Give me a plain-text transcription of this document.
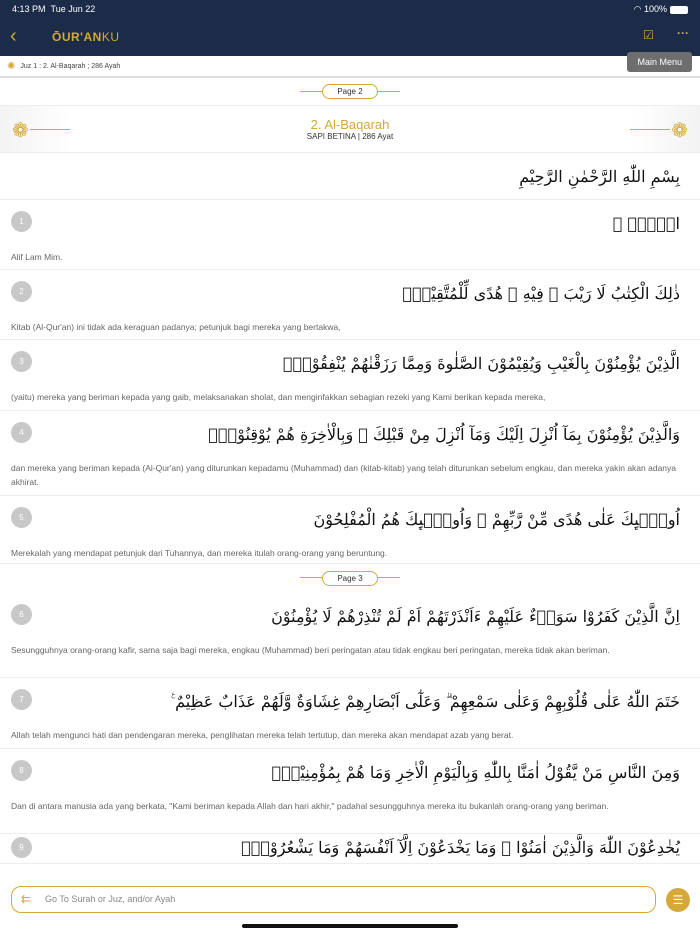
4:13 PM Tue Jun 22	◠ 100%
‹	ŌUR'ANKU	☑︎ ···
✺ Juz 1 : 2. Al-Baqarah ; 286 Ayah	Main Menu
Page 2
❁	❁
2. Al-Baqarah
SAPI BETINA | 286 Ayat
بِسْمِ اللّٰهِ الرَّحْمٰنِ الرَّحِيْمِ
1	الۤمّۤ ۚ
Alif Lam Mim.
2	ذٰلِكَ الْكِتٰبُ لَا رَيْبَ ۛ فِيْهِ ۛ هُدًى لِّلْمُتَّقِيْنَۙ
Kitab (Al-Qur'an) ini tidak ada keraguan padanya; petunjuk bagi mereka yang bertakwa,
3	الَّذِيْنَ يُؤْمِنُوْنَ بِالْغَيْبِ وَيُقِيْمُوْنَ الصَّلٰوةَ وَمِمَّا رَزَقْنٰهُمْ يُنْفِقُوْنَۙ
(yaitu) mereka yang beriman kepada yang gaib, melaksanakan sholat, dan menginfakkan sebagian rezeki yang Kami berikan kepada mereka,
4	وَالَّذِيْنَ يُؤْمِنُوْنَ بِمَآ اُنْزِلَ اِلَيْكَ وَمَآ اُنْزِلَ مِنْ قَبْلِكَ ۚ وَبِالْاٰخِرَةِ هُمْ يُوْقِنُوْنَۗ
dan mereka yang beriman kepada (Al-Qur'an) yang diturunkan kepadamu (Muhammad) dan (kitab-kitab) yang telah diturunkan sebelum engkau, dan mereka yakin akan adanya akhirat.
5	اُولٰۤىِٕكَ عَلٰى هُدًى مِّنْ رَّبِّهِمْ ۙ وَاُولٰۤىِٕكَ هُمُ الْمُفْلِحُوْنَ
Merekalah yang mendapat petunjuk dari Tuhannya, dan mereka itulah orang-orang yang beruntung.
Page 3
6	اِنَّ الَّذِيْنَ كَفَرُوْا سَوَاۤءٌ عَلَيْهِمْ ءَاَنْذَرْتَهُمْ اَمْ لَمْ تُنْذِرْهُمْ لَا يُؤْمِنُوْنَ
Sesungguhnya orang-orang kafir, sama saja bagi mereka, engkau (Muhammad) beri peringatan atau tidak engkau beri peringatan, mereka tidak akan beriman.
7	خَتَمَ اللّٰهُ عَلٰى قُلُوْبِهِمْ وَعَلٰى سَمْعِهِمْ ۗ وَعَلٰٓى اَبْصَارِهِمْ غِشَاوَةٌ وَّلَهُمْ عَذَابٌ عَظِيْمٌ ࣖ
Allah telah mengunci hati dan pendengaran mereka, penglihatan mereka telah tertutup, dan mereka akan mendapat azab yang berat.
8	وَمِنَ النَّاسِ مَنْ يَّقُوْلُ اٰمَنَّا بِاللّٰهِ وَبِالْيَوْمِ الْاٰخِرِ وَمَا هُمْ بِمُؤْمِنِيْنَۘ
Dan di antara manusia ada yang berkata, "Kami beriman kepada Allah dan hari akhir," padahal sesungguhnya mereka itu bukanlah orang-orang yang beriman.
9	يُخٰدِعُوْنَ اللّٰهَ وَالَّذِيْنَ اٰمَنُوْا ۚ وَمَا يَخْدَعُوْنَ اِلَّآ اَنْفُسَهُمْ وَمَا يَشْعُرُوْنَۗ
⇇ Go To Surah or Juz, and/or Ayah	☰
